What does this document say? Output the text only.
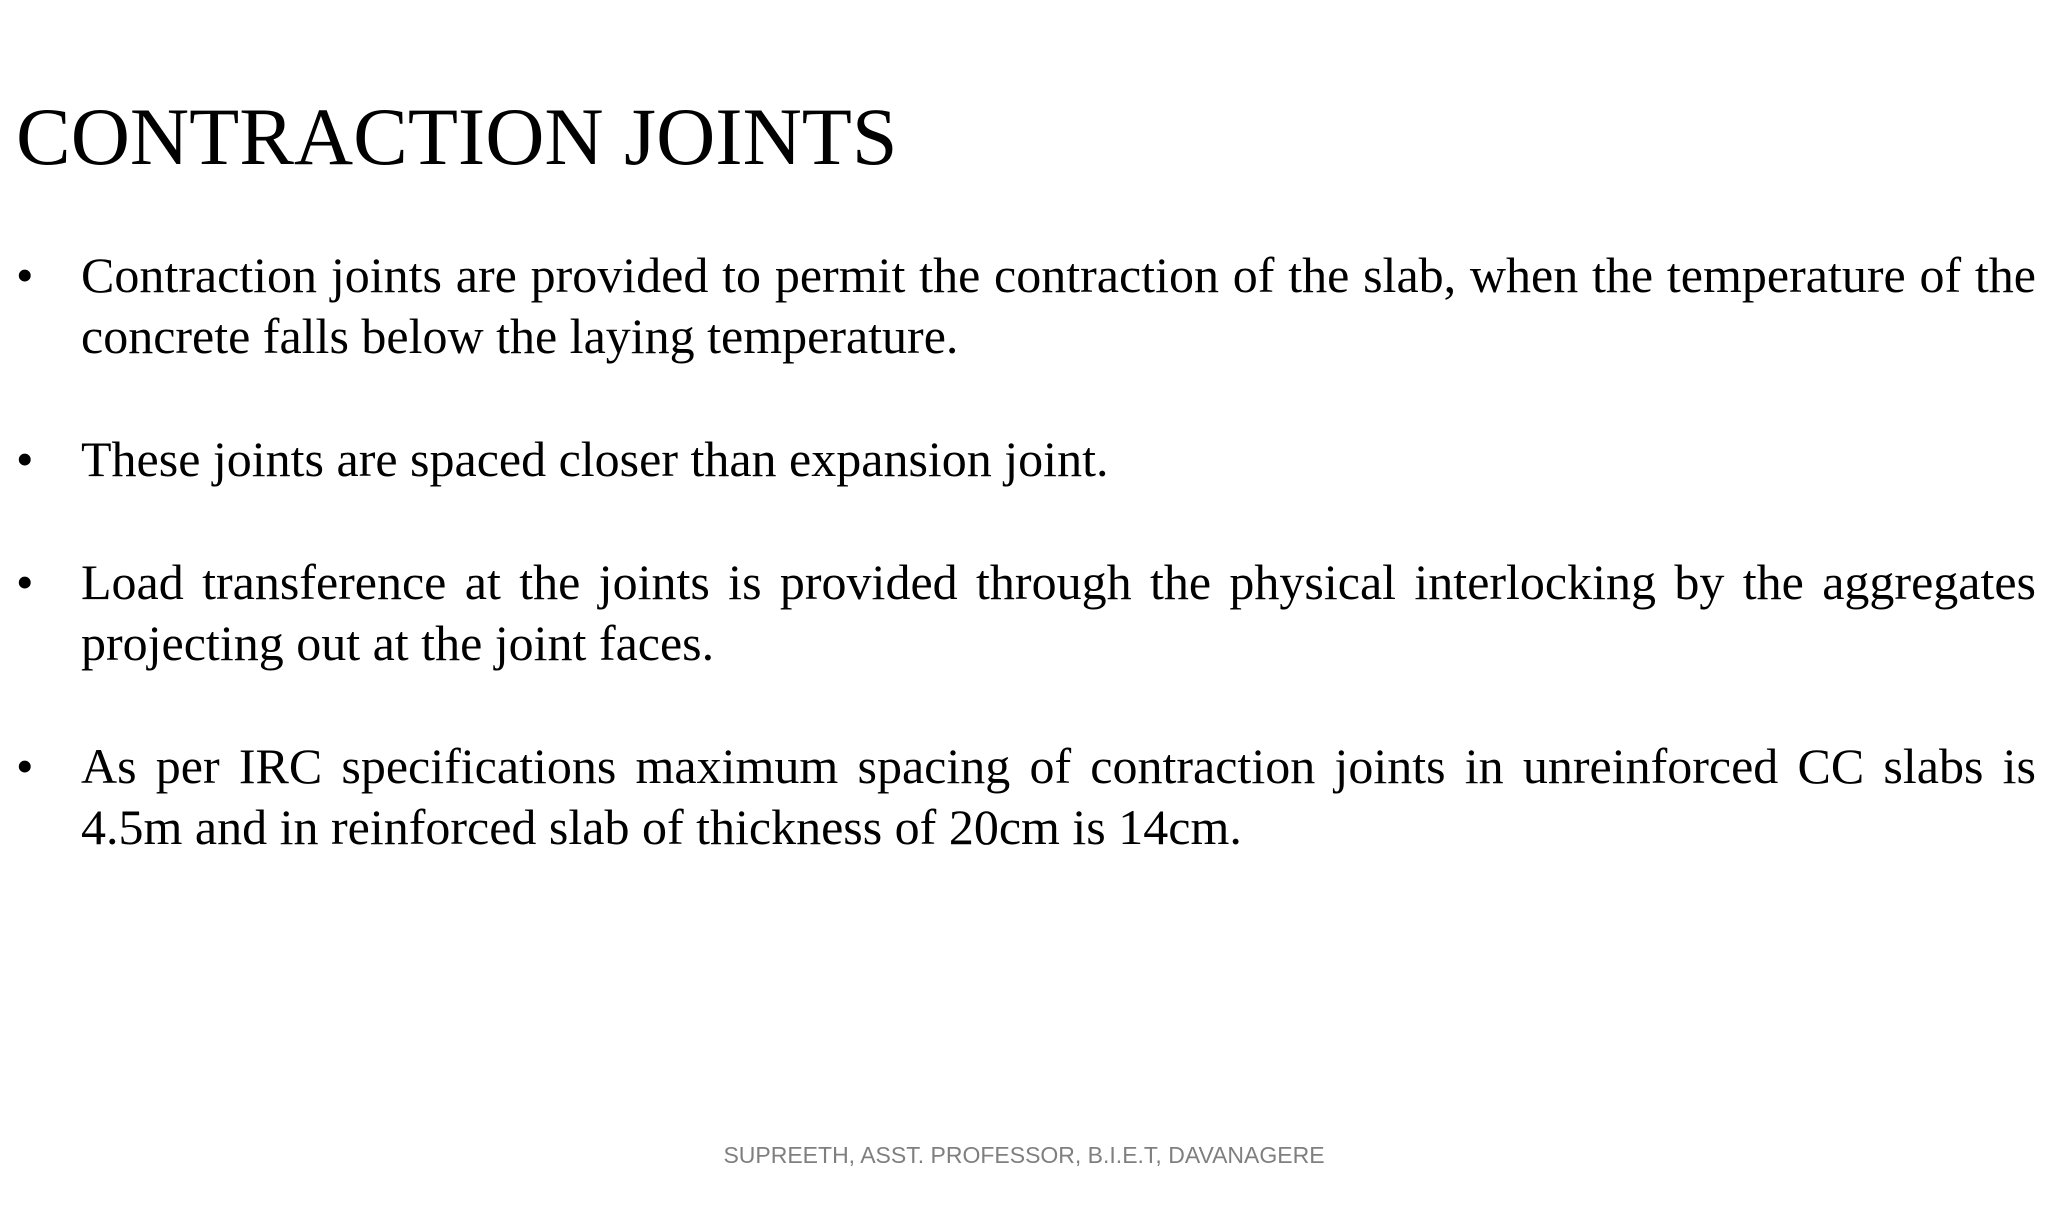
CONTRACTION JOINTS
• Contraction joints are provided to permit the contraction of the slab, when the temperature of the concrete falls below the laying temperature.
• These joints are spaced closer than expansion joint.
• Load transference at the joints is provided through the physical interlocking by the aggregates projecting out at the joint faces.
• As per IRC specifications maximum spacing of contraction joints in unreinforced CC slabs is 4.5m and in reinforced slab of thickness of 20cm is 14cm.
SUPREETH, ASST. PROFESSOR, B.I.E.T, DAVANAGERE
